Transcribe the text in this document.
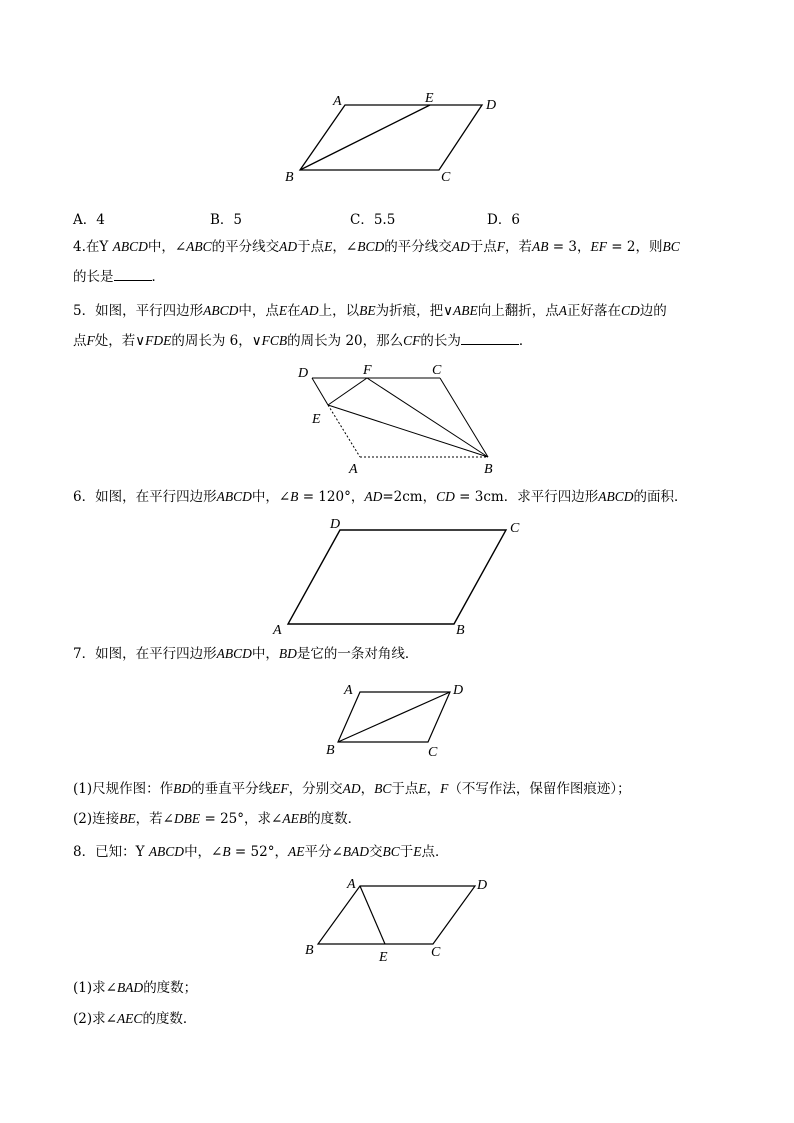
A	E	D
B	C
A．4	B．5	C．5.5	D．6
4.在Y ABCD中，∠ABC的平分线交AD于点E，∠BCD的平分线交AD于点F，若AB = 3，EF = 2，则BC
的长是	．
5．如图，平行四边形ABCD中，点E在AD上，以BE为折痕，把∨ABE向上翻折，点A正好落在CD边的
点F处，若∨FDE的周长为 6，∨FCB的周长为 20，那么CF的长为	．
D	F	C
E
A	B
6．如图，在平行四边形ABCD中，∠B = 120°，AD=2cm，CD = 3cm．求平行四边形ABCD的面积．
D	C
A	B
7．如图，在平行四边形ABCD中，BD是它的一条对角线．
A	D
B	C
(1)尺规作图：作BD的垂直平分线EF，分别交AD，BC于点E，F（不写作法，保留作图痕迹）；
(2)连接BE，若∠DBE = 25°，求∠AEB的度数．
8．已知：Y ABCD中，∠B = 52°，AE平分∠BAD交BC于E点．
A	D
B	E	C
(1)求∠BAD的度数；
(2)求∠AEC的度数．
